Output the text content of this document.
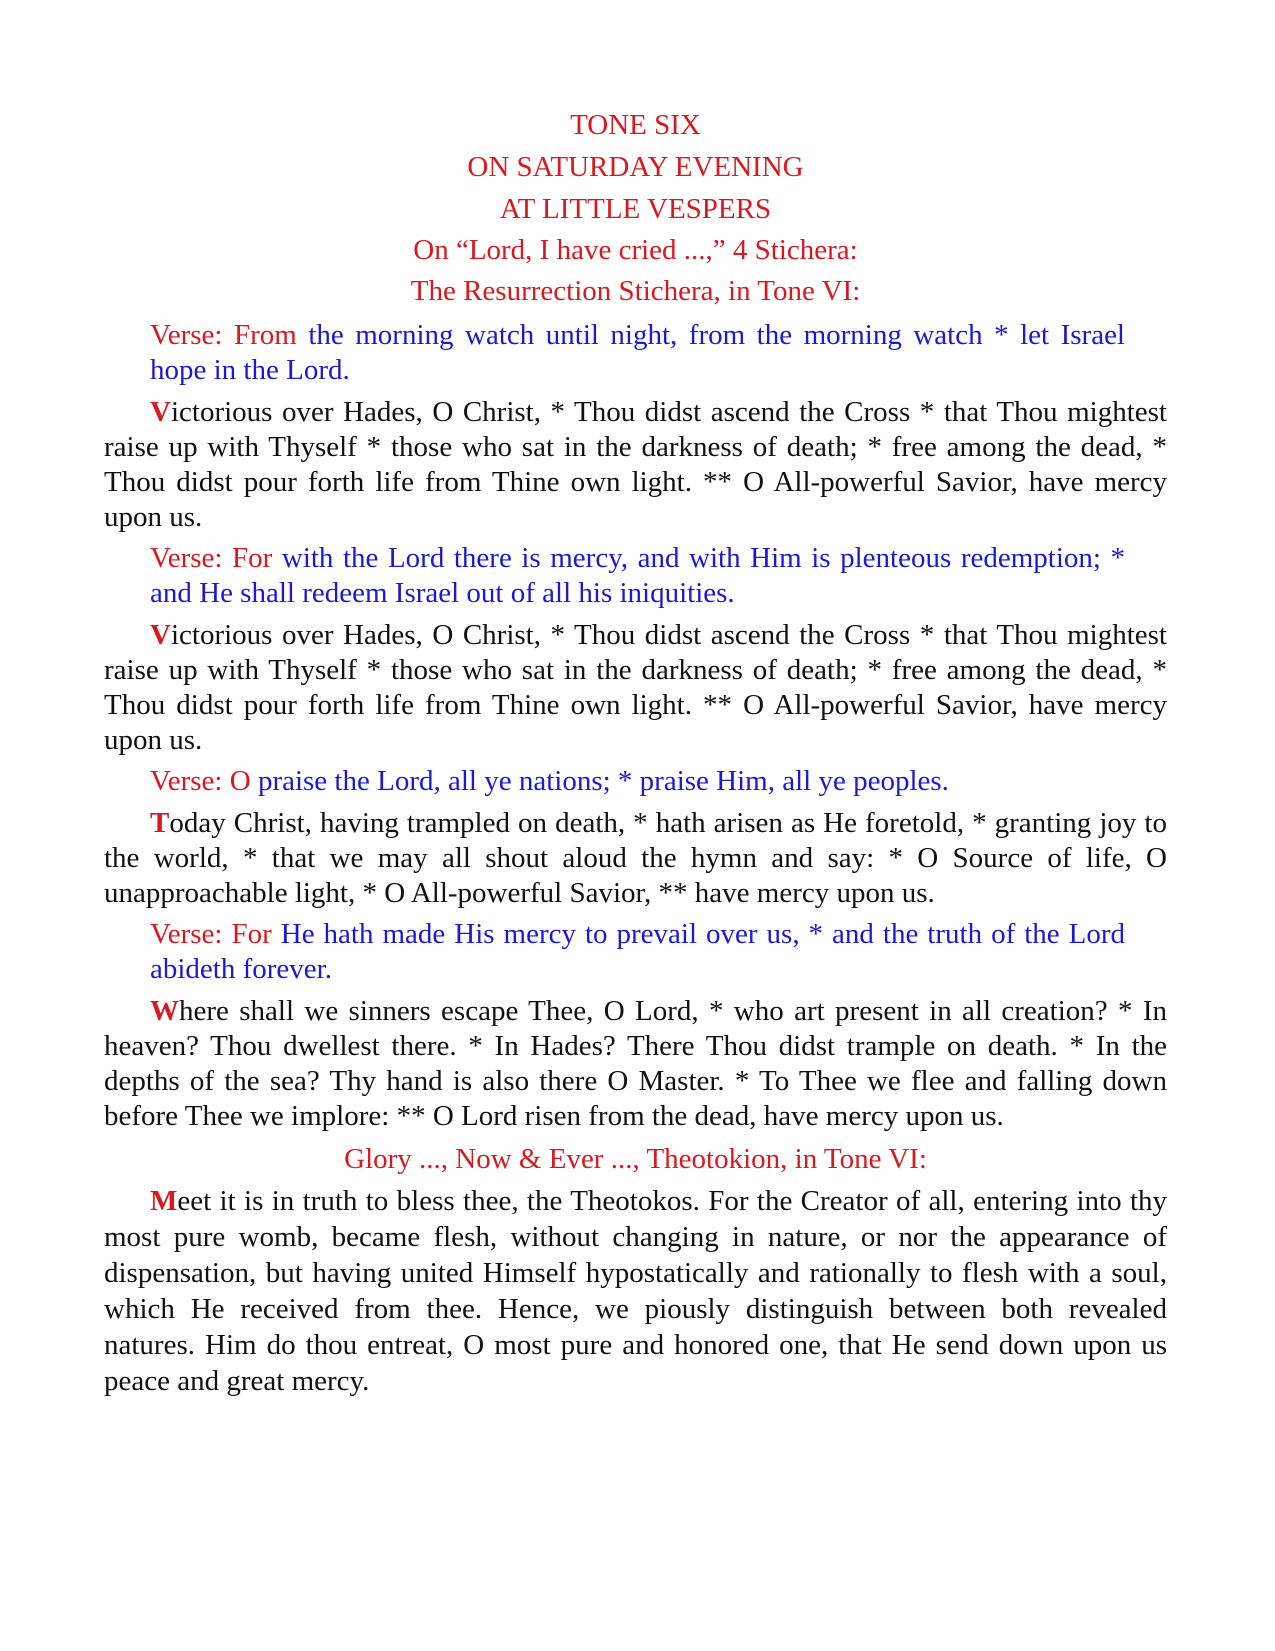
TONE SIX

ON SATURDAY EVENING

AT LITTLE VESPERS

On “Lord, I have cried ...,” 4 Stichera:

The Resurrection Stichera, in Tone VI:

Verse: From the morning watch until night, from the morning watch * let Israel hope in the Lord.

Victorious over Hades, O Christ, * Thou didst ascend the Cross * that Thou mightest raise up with Thyself * those who sat in the darkness of death; * free among the dead, * Thou didst pour forth life from Thine own light. ** O All-powerful Savior, have mercy upon us.

Verse: For with the Lord there is mercy, and with Him is plenteous redemption; * and He shall redeem Israel out of all his iniquities.

Victorious over Hades, O Christ, * Thou didst ascend the Cross * that Thou mightest raise up with Thyself * those who sat in the darkness of death; * free among the dead, * Thou didst pour forth life from Thine own light. ** O All-powerful Savior, have mercy upon us.

Verse: O praise the Lord, all ye nations; * praise Him, all ye peoples.

Today Christ, having trampled on death, * hath arisen as He foretold, * granting joy to the world, * that we may all shout aloud the hymn and say: * O Source of life, O unapproachable light, * O All-powerful Savior, ** have mercy upon us.

Verse: For He hath made His mercy to prevail over us, * and the truth of the Lord abideth forever.

Where shall we sinners escape Thee, O Lord, * who art present in all creation? * In heaven? Thou dwellest there. * In Hades? There Thou didst trample on death. * In the depths of the sea? Thy hand is also there O Master. * To Thee we flee and falling down before Thee we implore: ** O Lord risen from the dead, have mercy upon us.

Glory ..., Now & Ever ..., Theotokion, in Tone VI:

Meet it is in truth to bless thee, the Theotokos. For the Creator of all, entering into thy most pure womb, became flesh, without changing in nature, or nor the appearance of dispensation, but having united Himself hypostatically and rationally to flesh with a soul, which He received from thee. Hence, we piously distinguish between both revealed natures. Him do thou entreat, O most pure and honored one, that He send down upon us peace and great mercy.
